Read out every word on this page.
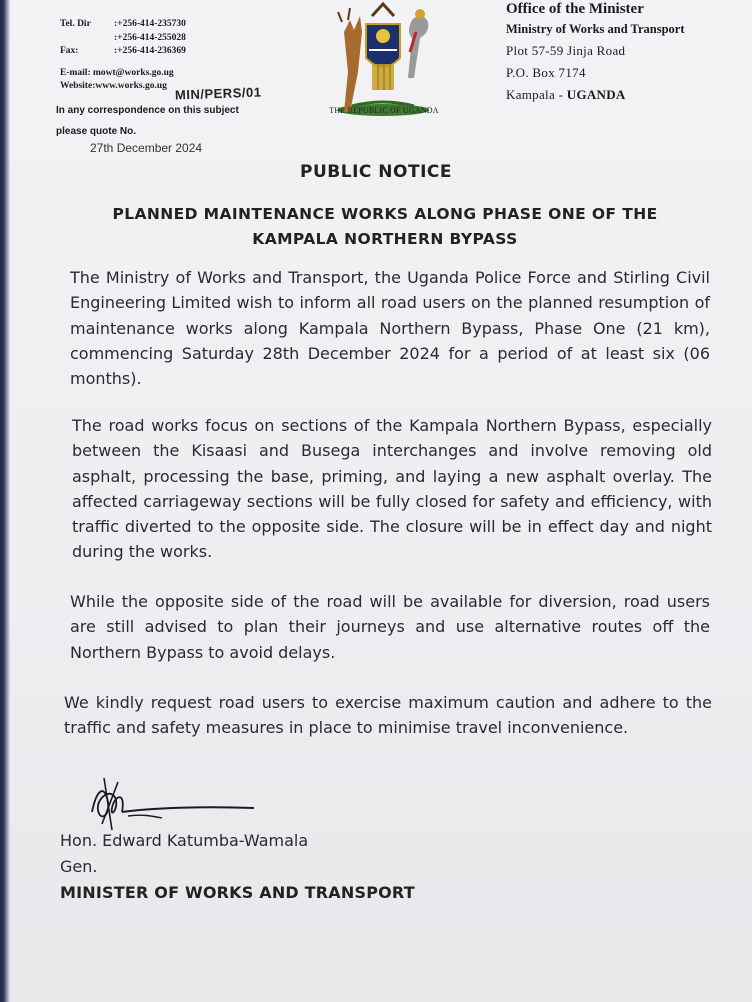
Tel. Dir	:+256-414-235730
:+256-414-255028
Fax:	:+256-414-236369
E-mail: mowt@works.go.ug
Website:www.works.go.ug
In any correspondence on this subject
please quote No.
MIN/PERS/01
27th December 2024
THE REPUBLIC OF UGANDA
Office of the Minister
Ministry of Works and Transport
Plot 57-59 Jinja Road
P.O. Box 7174
Kampala - UGANDA
PUBLIC NOTICE
PLANNED MAINTENANCE WORKS ALONG PHASE ONE OF THE
KAMPALA NORTHERN BYPASS

The Ministry of Works and Transport, the Uganda Police Force and Stirling Civil Engineering Limited wish to inform all road users on the planned resumption of maintenance works along Kampala Northern Bypass, Phase One (21 km), commencing Saturday 28th December 2024 for a period of at least six (06 months).

The road works focus on sections of the Kampala Northern Bypass, especially between the Kisaasi and Busega interchanges and involve removing old asphalt, processing the base, priming, and laying a new asphalt overlay. The affected carriageway sections will be fully closed for safety and efficiency, with traffic diverted to the opposite side. The closure will be in effect day and night during the works.

While the opposite side of the road will be available for diversion, road users are still advised to plan their journeys and use alternative routes off the Northern Bypass to avoid delays.

We kindly request road users to exercise maximum caution and adhere to the traffic and safety measures in place to minimise travel inconvenience.

Hon. Edward Katumba-Wamala
Gen.
MINISTER OF WORKS AND TRANSPORT
